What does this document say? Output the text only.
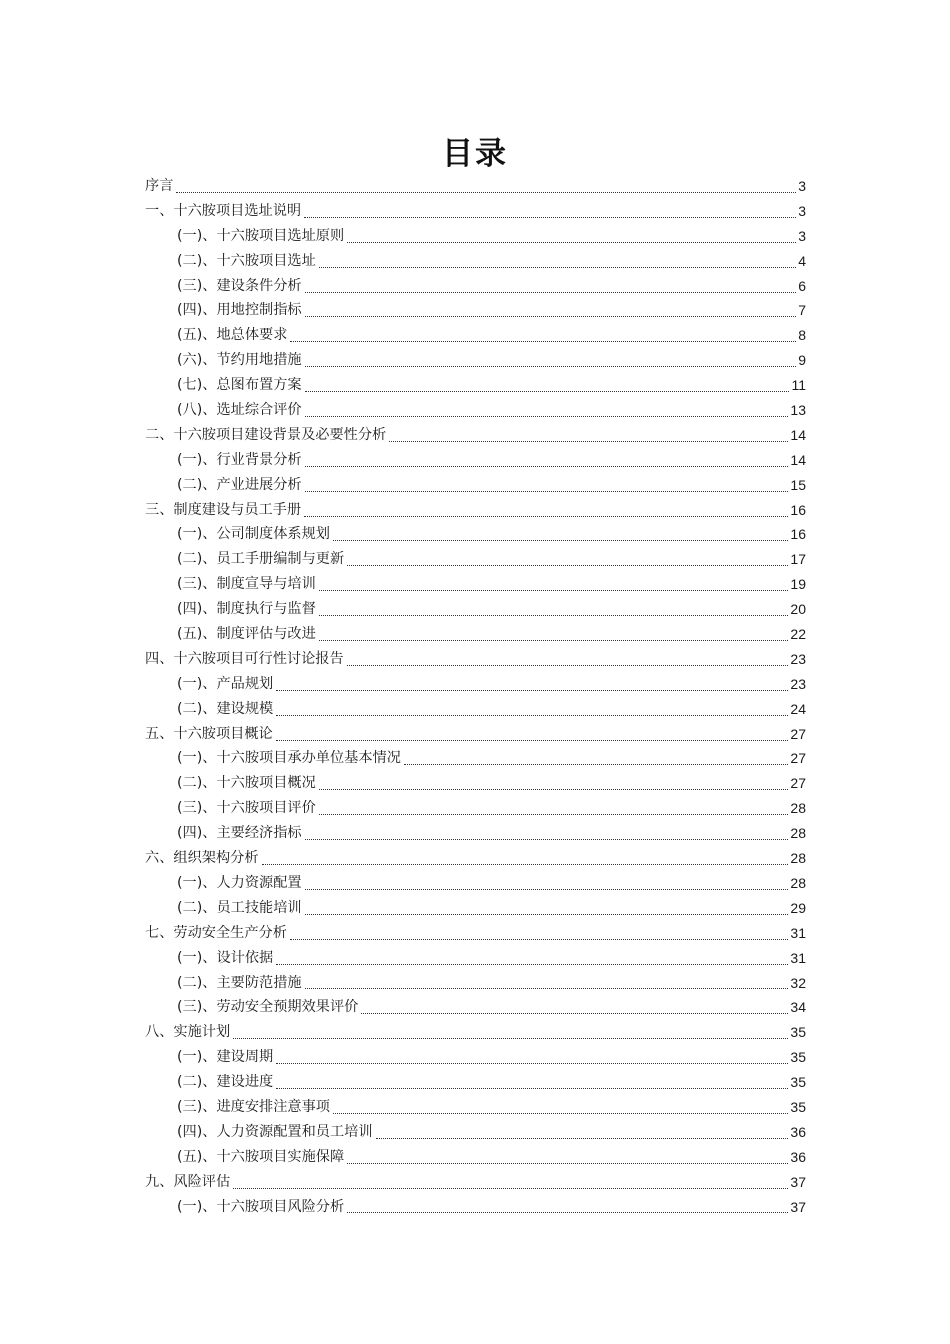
目录
序言	3
一、十六胺项目选址说明	3
(一)、十六胺项目选址原则	3
(二)、十六胺项目选址	4
(三)、建设条件分析	6
(四)、用地控制指标	7
(五)、地总体要求	8
(六)、节约用地措施	9
(七)、总图布置方案	11
(八)、选址综合评价	13
二、十六胺项目建设背景及必要性分析	14
(一)、行业背景分析	14
(二)、产业进展分析	15
三、制度建设与员工手册	16
(一)、公司制度体系规划	16
(二)、员工手册编制与更新	17
(三)、制度宣导与培训	19
(四)、制度执行与监督	20
(五)、制度评估与改进	22
四、十六胺项目可行性讨论报告	23
(一)、产品规划	23
(二)、建设规模	24
五、十六胺项目概论	27
(一)、十六胺项目承办单位基本情况	27
(二)、十六胺项目概况	27
(三)、十六胺项目评价	28
(四)、主要经济指标	28
六、组织架构分析	28
(一)、人力资源配置	28
(二)、员工技能培训	29
七、劳动安全生产分析	31
(一)、设计依据	31
(二)、主要防范措施	32
(三)、劳动安全预期效果评价	34
八、实施计划	35
(一)、建设周期	35
(二)、建设进度	35
(三)、进度安排注意事项	35
(四)、人力资源配置和员工培训	36
(五)、十六胺项目实施保障	36
九、风险评估	37
(一)、十六胺项目风险分析	37
